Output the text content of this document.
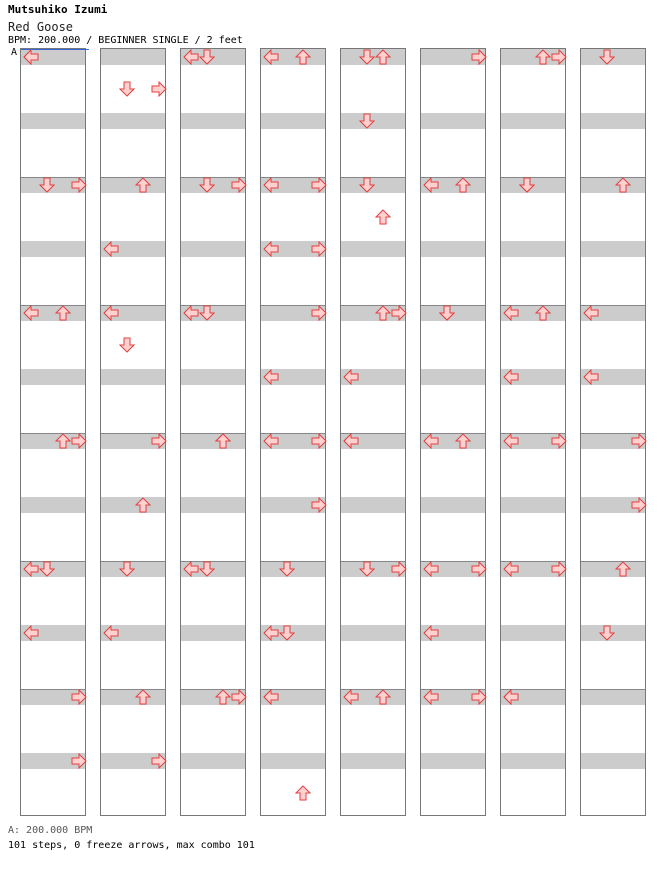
Mutsuhiko Izumi
Red Goose
BPM: 200.000 / BEGINNER SINGLE / 2 feet
A
A: 200.000 BPM
101 steps, 0 freeze arrows, max combo 101
